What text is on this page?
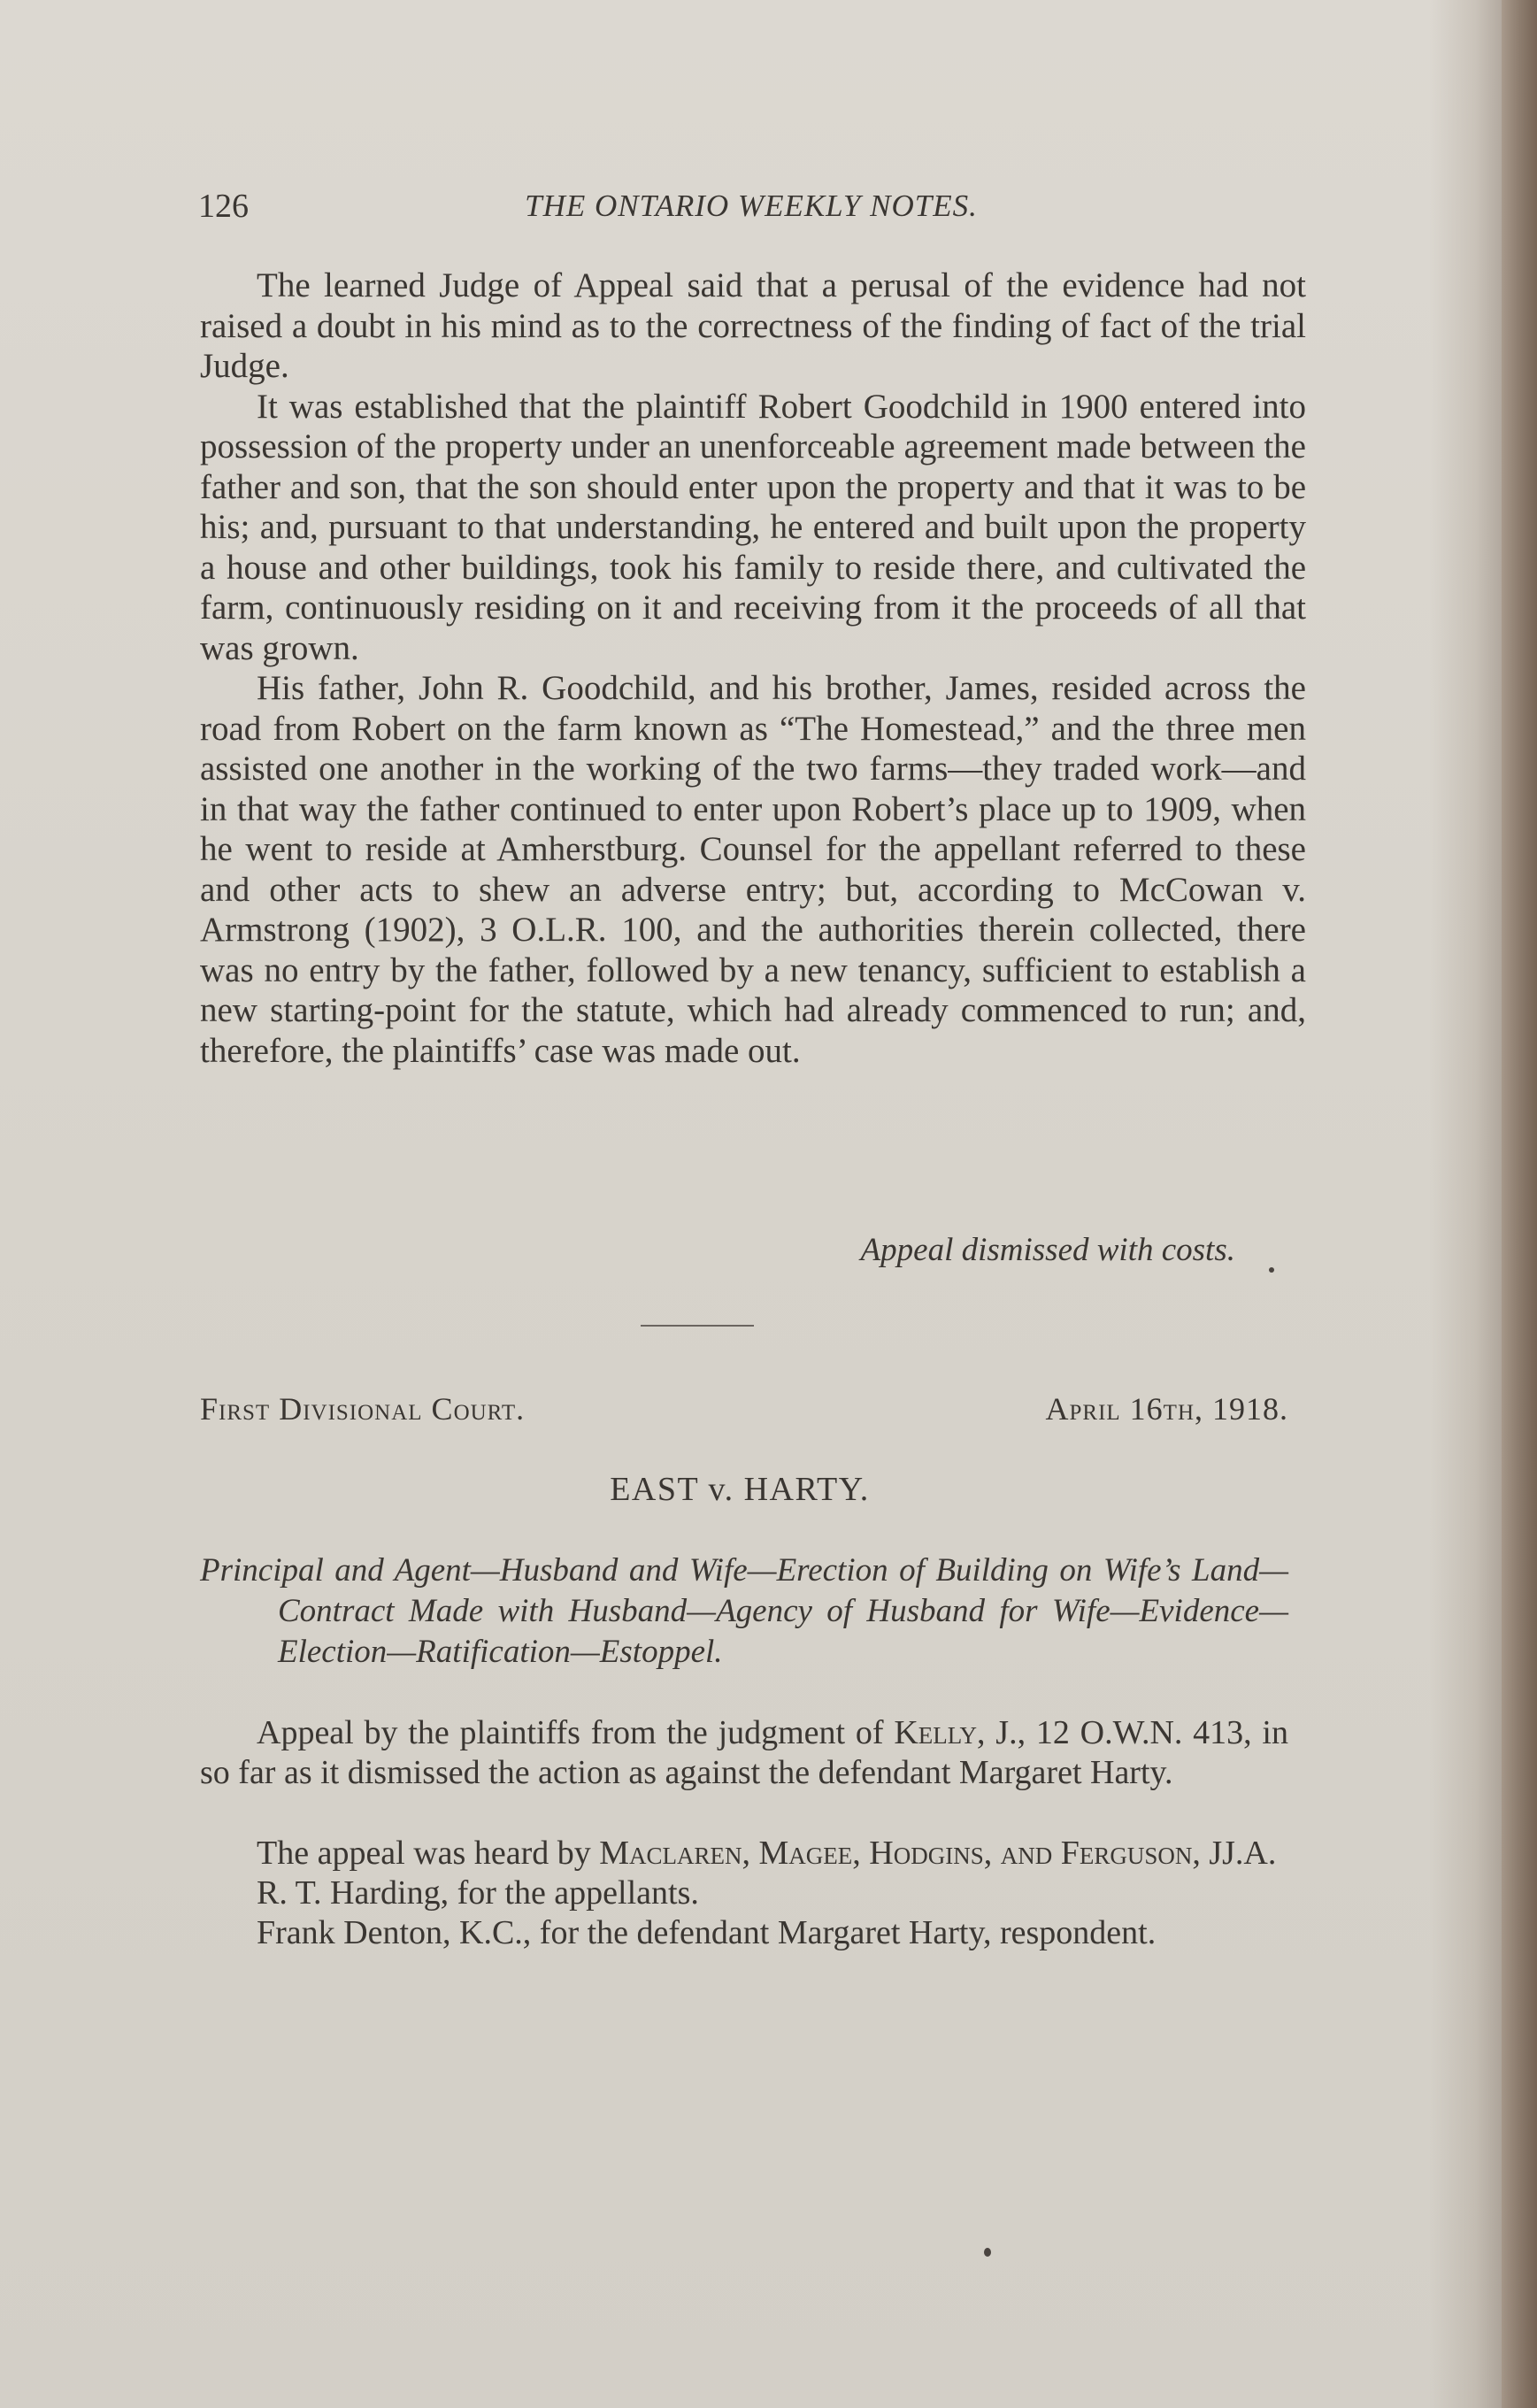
126	THE ONTARIO WEEKLY NOTES.

The learned Judge of Appeal said that a perusal of the evidence had not raised a doubt in his mind as to the correctness of the finding of fact of the trial Judge.

It was established that the plaintiff Robert Goodchild in 1900 entered into possession of the property under an unenforceable agreement made between the father and son, that the son should enter upon the property and that it was to be his; and, pursuant to that understanding, he entered and built upon the property a house and other buildings, took his family to reside there, and cultivated the farm, continuously residing on it and receiving from it the proceeds of all that was grown.

His father, John R. Goodchild, and his brother, James, resided across the road from Robert on the farm known as “The Homestead,” and the three men assisted one another in the working of the two farms—they traded work—and in that way the father continued to enter upon Robert’s place up to 1909, when he went to reside at Amherstburg. Counsel for the appellant referred to these and other acts to shew an adverse entry; but, according to McCowan v. Armstrong (1902), 3 O.L.R. 100, and the authorities therein collected, there was no entry by the father, followed by a new tenancy, sufficient to establish a new starting-point for the statute, which had already commenced to run; and, therefore, the plaintiffs’ case was made out.

Appeal dismissed with costs.
First Divisional Court.	April 16th, 1918.
EAST v. HARTY.
Principal and Agent—Husband and Wife—Erection of Building on Wife’s Land—Contract Made with Husband—Agency of Husband for Wife—Evidence—Election—Ratification—Estoppel.

Appeal by the plaintiffs from the judgment of Kelly, J., 12 O.W.N. 413, in so far as it dismissed the action as against the defendant Margaret Harty.

The appeal was heard by Maclaren, Magee, Hodgins, and Ferguson, JJ.A.

R. T. Harding, for the appellants.

Frank Denton, K.C., for the defendant Margaret Harty, respondent.
